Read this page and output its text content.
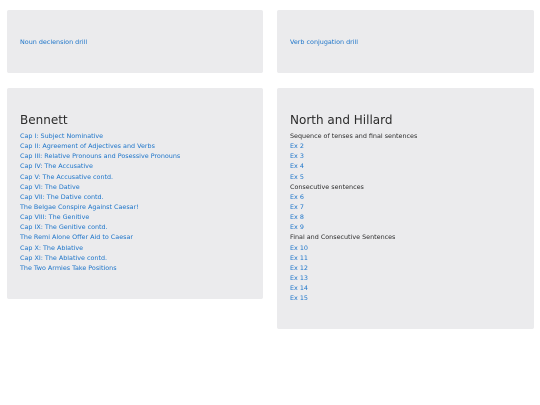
Noun declension drill	Verb conjugation drill
Bennett
Cap I: Subject Nominative
Cap II: Agreement of Adjectives and Verbs
Cap III: Relative Pronouns and Posessive Pronouns
Cap IV: The Accusative
Cap V: The Accusative contd.
Cap VI: The Dative
Cap VII: The Dative contd.
The Belgae Conspire Against Caesar!
Cap VIII: The Genitive
Cap IX: The Genitive contd.
The Remi Alone Offer Aid to Caesar
Cap X: The Ablative
Cap XI: The Ablative contd.
The Two Armies Take Positions
North and Hillard
Sequence of tenses and final sentences
Ex 2
Ex 3
Ex 4
Ex 5
Consecutive sentences
Ex 6
Ex 7
Ex 8
Ex 9
Final and Consecutive Sentences
Ex 10
Ex 11
Ex 12
Ex 13
Ex 14
Ex 15
